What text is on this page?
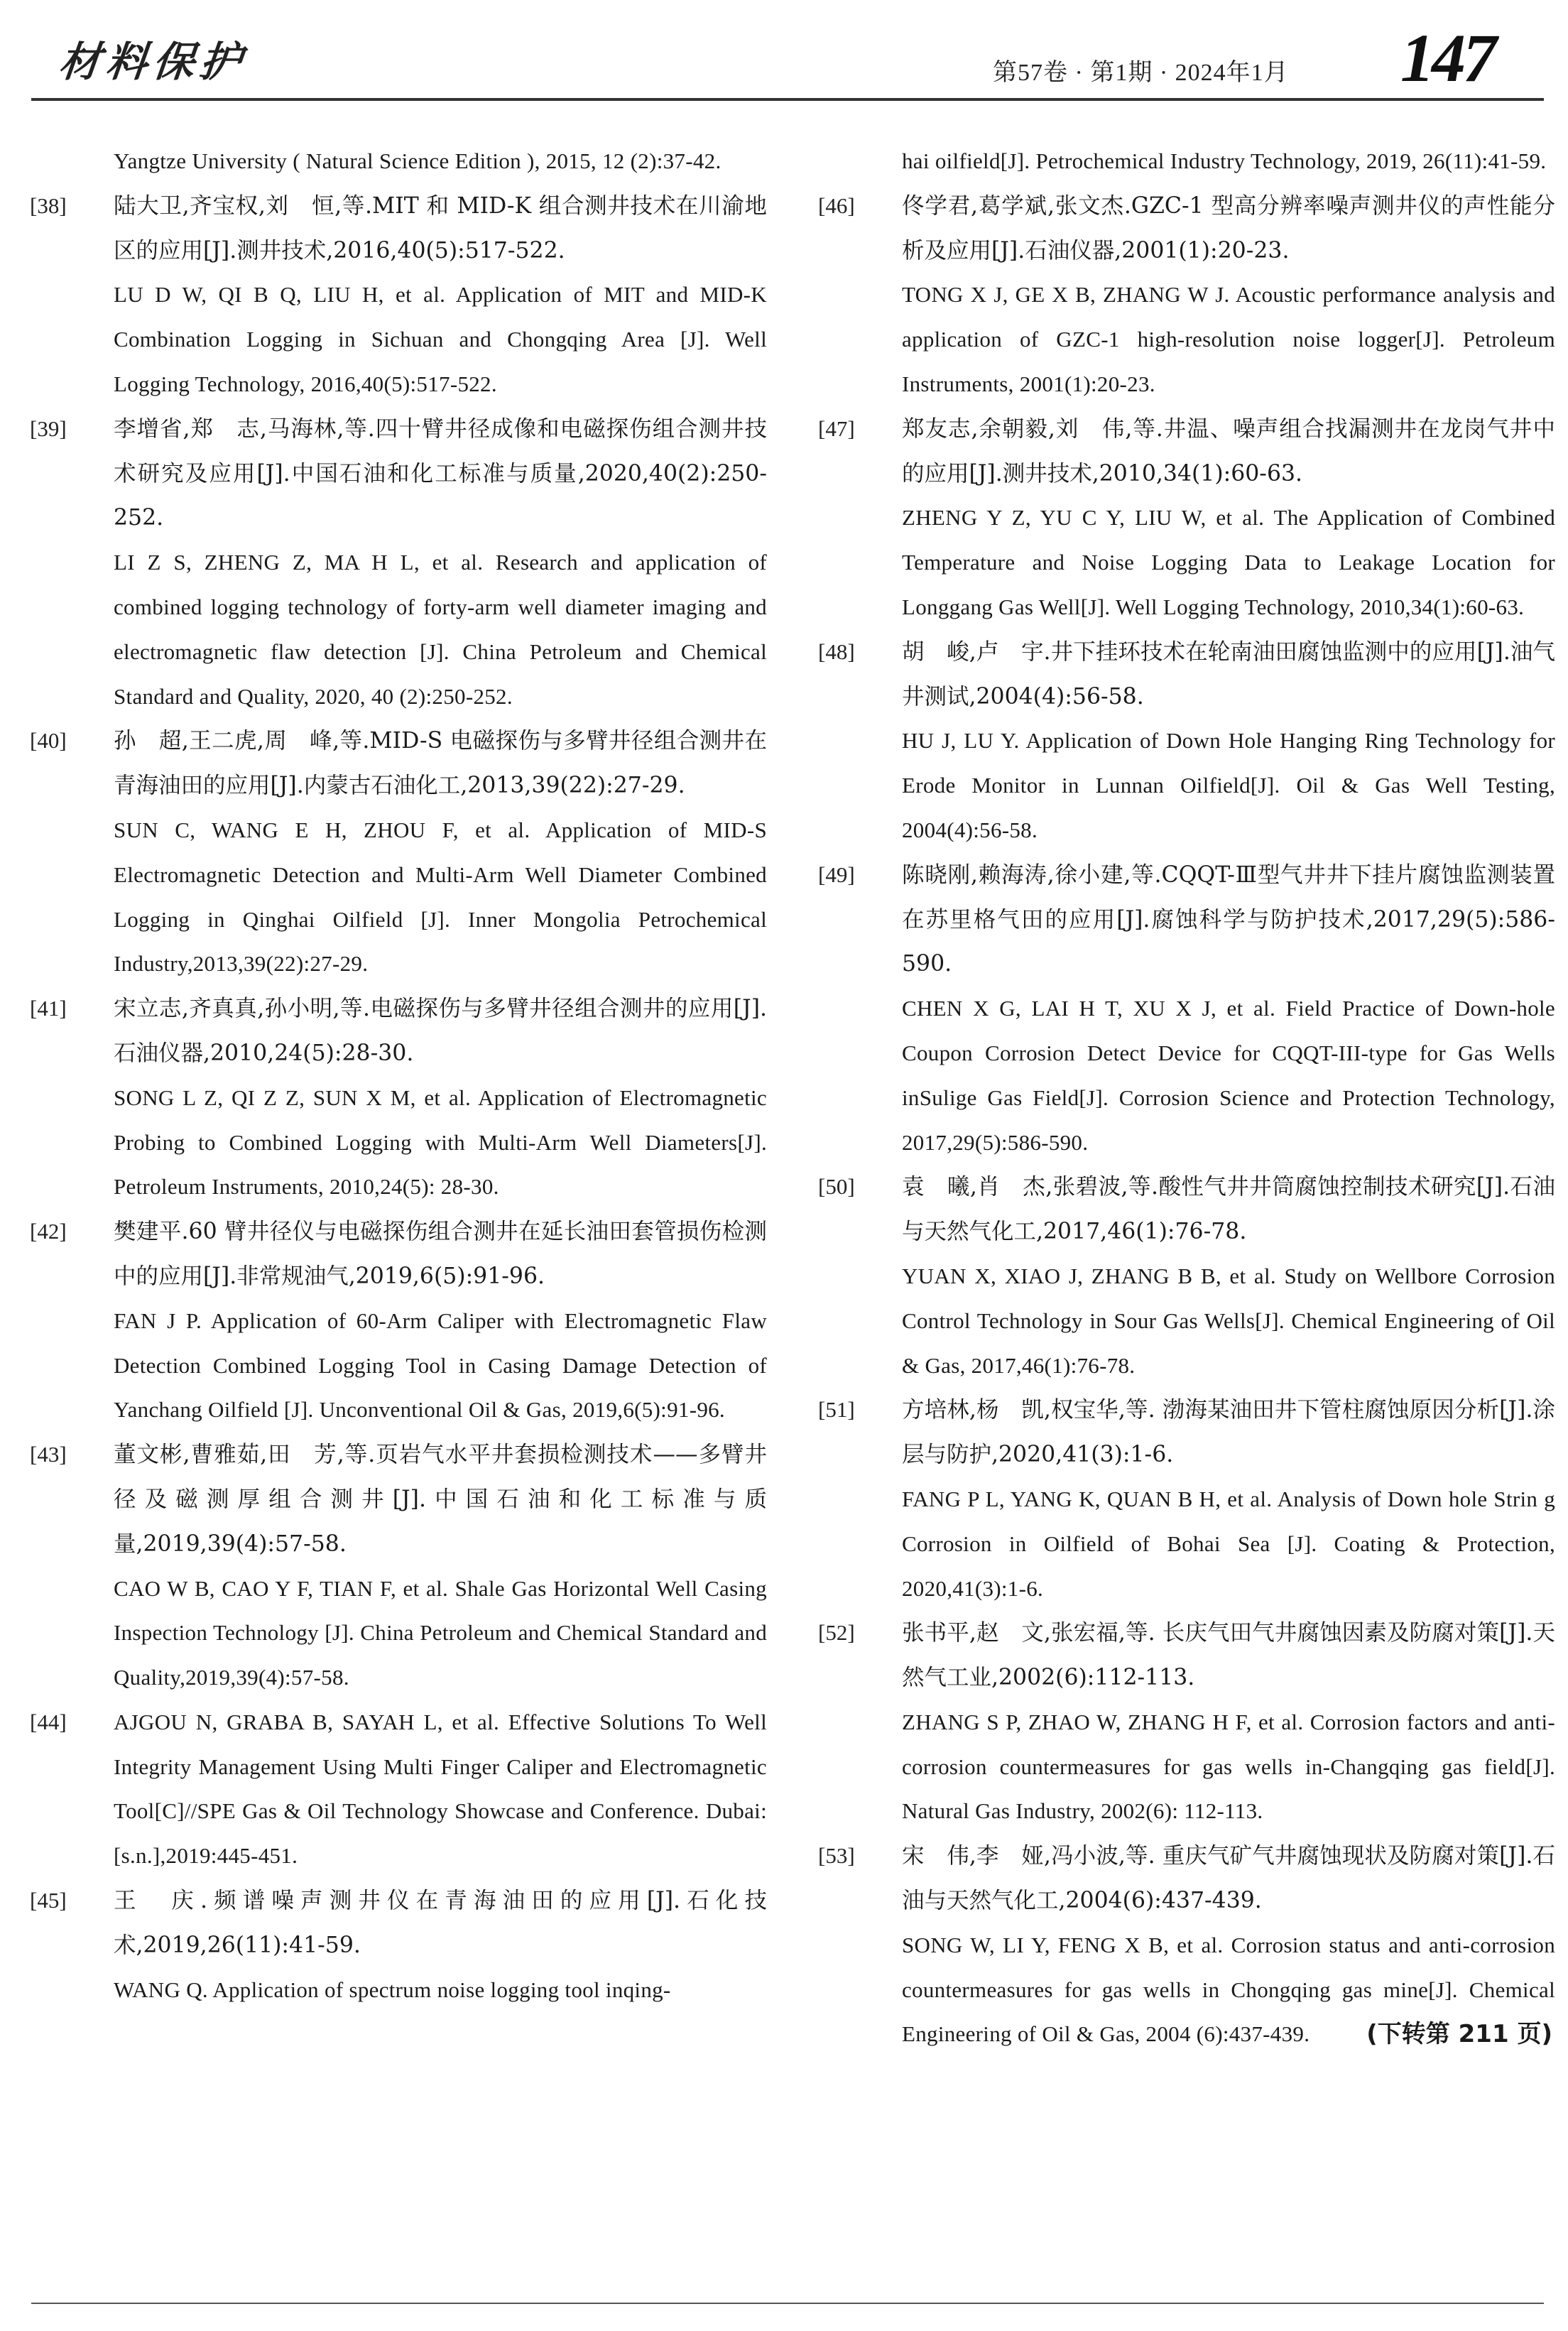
材料保护	第57卷 · 第1期 · 2024年1月 147

Yangtze University ( Natural Science Edition ), 2015, 12 (2):37-42.

[38]	陆大卫,齐宝权,刘　恒,等.MIT 和 MID-K 组合测井技术在川渝地区的应用[J].测井技术,2016,40(5):517-522.

LU D W, QI B Q, LIU H, et al. Application of MIT and MID-K Combination Logging in Sichuan and Chongqing Area [J]. Well Logging Technology, 2016,40(5):517-522.

[39]	李增省,郑　志,马海林,等.四十臂井径成像和电磁探伤组合测井技术研究及应用[J].中国石油和化工标准与质量,2020,40(2):250-252.

LI Z S, ZHENG Z, MA H L, et al. Research and application of combined logging technology of forty-arm well diameter imaging and electromagnetic flaw detection [J]. China Petroleum and Chemical Standard and Quality, 2020, 40 (2):250-252.

[40]	孙　超,王二虎,周　峰,等.MID-S 电磁探伤与多臂井径组合测井在青海油田的应用[J].内蒙古石油化工,2013,39(22):27-29.

SUN C, WANG E H, ZHOU F, et al. Application of MID-S Electromagnetic Detection and Multi-Arm Well Diameter Combined Logging in Qinghai Oilfield [J]. Inner Mongolia Petrochemical Industry,2013,39(22):27-29.

[41]	宋立志,齐真真,孙小明,等.电磁探伤与多臂井径组合测井的应用[J].石油仪器,2010,24(5):28-30.

SONG L Z, QI Z Z, SUN X M, et al. Application of Electromagnetic Probing to Combined Logging with Multi-Arm Well Diameters[J]. Petroleum Instruments, 2010,24(5): 28-30.

[42]	樊建平.60 臂井径仪与电磁探伤组合测井在延长油田套管损伤检测中的应用[J].非常规油气,2019,6(5):91-96.

FAN J P. Application of 60-Arm Caliper with Electromagnetic Flaw Detection Combined Logging Tool in Casing Damage Detection of Yanchang Oilfield [J]. Unconventional Oil & Gas, 2019,6(5):91-96.

[43]	董文彬,曹雅茹,田　芳,等.页岩气水平井套损检测技术——多臂井径及磁测厚组合测井[J].中国石油和化工标准与质量,2019,39(4):57-58.

CAO W B, CAO Y F, TIAN F, et al. Shale Gas Horizontal Well Casing Inspection Technology [J]. China Petroleum and Chemical Standard and Quality,2019,39(4):57-58.

[44]	AJGOU N, GRABA B, SAYAH L, et al. Effective Solutions To Well Integrity Management Using Multi Finger Caliper and Electromagnetic Tool[C]//SPE Gas & Oil Technology Showcase and Conference. Dubai:[s.n.],2019:445-451.

[45]	王　庆.频谱噪声测井仪在青海油田的应用[J].石化技术,2019,26(11):41-59.

WANG Q. Application of spectrum noise logging tool inqing-

hai oilfield[J]. Petrochemical Industry Technology, 2019, 26(11):41-59.

[46]	佟学君,葛学斌,张文杰.GZC-1 型高分辨率噪声测井仪的声性能分析及应用[J].石油仪器,2001(1):20-23.

TONG X J, GE X B, ZHANG W J. Acoustic performance analysis and application of GZC-1 high-resolution noise logger[J]. Petroleum Instruments, 2001(1):20-23.

[47]	郑友志,余朝毅,刘　伟,等.井温、噪声组合找漏测井在龙岗气井中的应用[J].测井技术,2010,34(1):60-63.

ZHENG Y Z, YU C Y, LIU W, et al. The Application of Combined Temperature and Noise Logging Data to Leakage Location for Longgang Gas Well[J]. Well Logging Technology, 2010,34(1):60-63.

[48]	胡　峻,卢　宇.井下挂环技术在轮南油田腐蚀监测中的应用[J].油气井测试,2004(4):56-58.

HU J, LU Y. Application of Down Hole Hanging Ring Technology for Erode Monitor in Lunnan Oilfield[J]. Oil & Gas Well Testing, 2004(4):56-58.

[49]	陈晓刚,赖海涛,徐小建,等.CQQT-Ⅲ型气井井下挂片腐蚀监测装置在苏里格气田的应用[J].腐蚀科学与防护技术,2017,29(5):586-590.

CHEN X G, LAI H T, XU X J, et al. Field Practice of Down-hole Coupon Corrosion Detect Device for CQQT-III-type for Gas Wells inSulige Gas Field[J]. Corrosion Science and Protection Technology, 2017,29(5):586-590.

[50]	袁　曦,肖　杰,张碧波,等.酸性气井井筒腐蚀控制技术研究[J].石油与天然气化工,2017,46(1):76-78.

YUAN X, XIAO J, ZHANG B B, et al. Study on Wellbore Corrosion Control Technology in Sour Gas Wells[J]. Chemical Engineering of Oil & Gas, 2017,46(1):76-78.

[51]	方培林,杨　凯,权宝华,等. 渤海某油田井下管柱腐蚀原因分析[J].涂层与防护,2020,41(3):1-6.

FANG P L, YANG K, QUAN B H, et al. Analysis of Down hole Strin g Corrosion in Oilfield of Bohai Sea [J]. Coating & Protection, 2020,41(3):1-6.

[52]	张书平,赵　文,张宏福,等. 长庆气田气井腐蚀因素及防腐对策[J].天然气工业,2002(6):112-113.

ZHANG S P, ZHAO W, ZHANG H F, et al. Corrosion factors and anti-corrosion countermeasures for gas wells in-Changqing gas field[J]. Natural Gas Industry, 2002(6): 112-113.

[53]	宋　伟,李　娅,冯小波,等. 重庆气矿气井腐蚀现状及防腐对策[J].石油与天然气化工,2004(6):437-439.

SONG W, LI Y, FENG X B, et al. Corrosion status and anti-corrosion countermeasures for gas wells in Chongqing gas mine[J]. Chemical Engineering of Oil & Gas, 2004 (6):437-439.	(下转第 211 页)
